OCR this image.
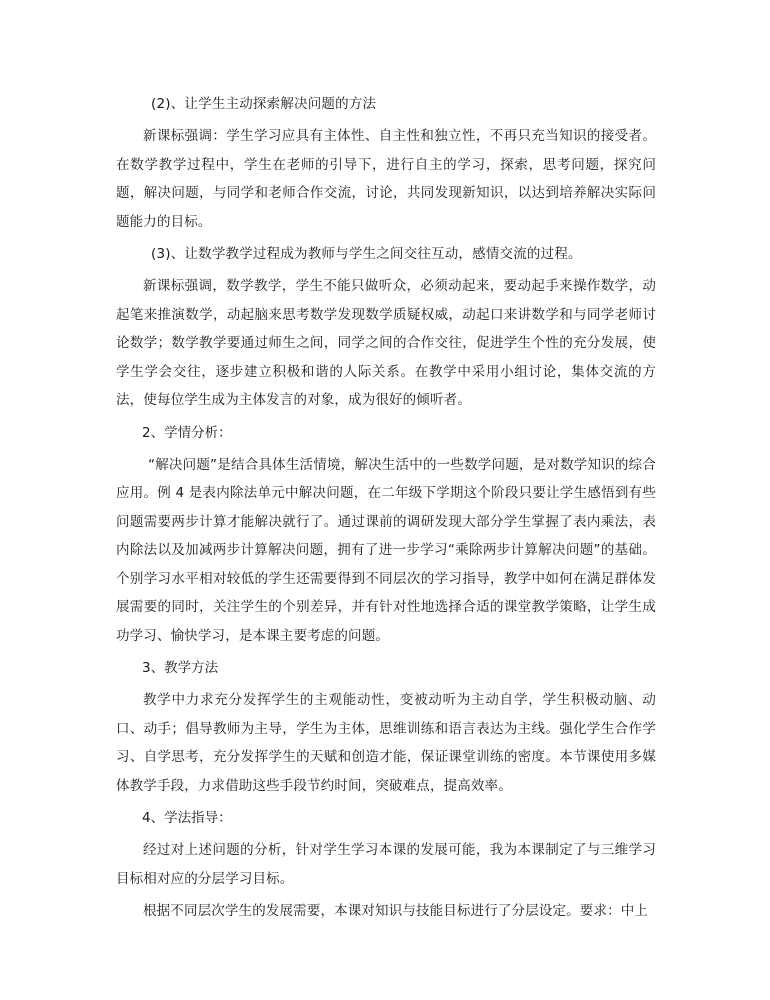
(2)、让学生主动探索解决问题的方法

新课标强调：学生学习应具有主体性、自主性和独立性，不再只充当知识的接受者。在数学教学过程中，学生在老师的引导下，进行自主的学习，探索，思考问题，探究问题，解决问题，与同学和老师合作交流，讨论，共同发现新知识，以达到培养解决实际问题能力的目标。

(3)、让数学教学过程成为教师与学生之间交往互动，感情交流的过程。

新课标强调，数学教学，学生不能只做听众，必须动起来，要动起手来操作数学，动起笔来推演数学，动起脑来思考数学发现数学质疑权威，动起口来讲数学和与同学老师讨论数学；数学教学要通过师生之间，同学之间的合作交往，促进学生个性的充分发展，使学生学会交往，逐步建立积极和谐的人际关系。在教学中采用小组讨论，集体交流的方法，使每位学生成为主体发言的对象，成为很好的倾听者。

2、学情分析：

“解决问题”是结合具体生活情境，解决生活中的一些数学问题，是对数学知识的综合应用。例 4 是表内除法单元中解决问题，在二年级下学期这个阶段只要让学生感悟到有些问题需要两步计算才能解决就行了。通过课前的调研发现大部分学生掌握了表内乘法，表内除法以及加减两步计算解决问题，拥有了进一步学习“乘除两步计算解决问题”的基础。个别学习水平相对较低的学生还需要得到不同层次的学习指导，教学中如何在满足群体发展需要的同时，关注学生的个别差异，并有针对性地选择合适的课堂教学策略，让学生成功学习、愉快学习，是本课主要考虑的问题。

3、教学方法

教学中力求充分发挥学生的主观能动性，变被动听为主动自学，学生积极动脑、动口、动手；倡导教师为主导，学生为主体，思维训练和语言表达为主线。强化学生合作学习、自学思考，充分发挥学生的天赋和创造才能，保证课堂训练的密度。本节课使用多媒体教学手段，力求借助这些手段节约时间，突破难点，提高效率。

4、学法指导：

经过对上述问题的分析，针对学生学习本课的发展可能，我为本课制定了与三维学习目标相对应的分层学习目标。

根据不同层次学生的发展需要，本课对知识与技能目标进行了分层设定。要求：中上
